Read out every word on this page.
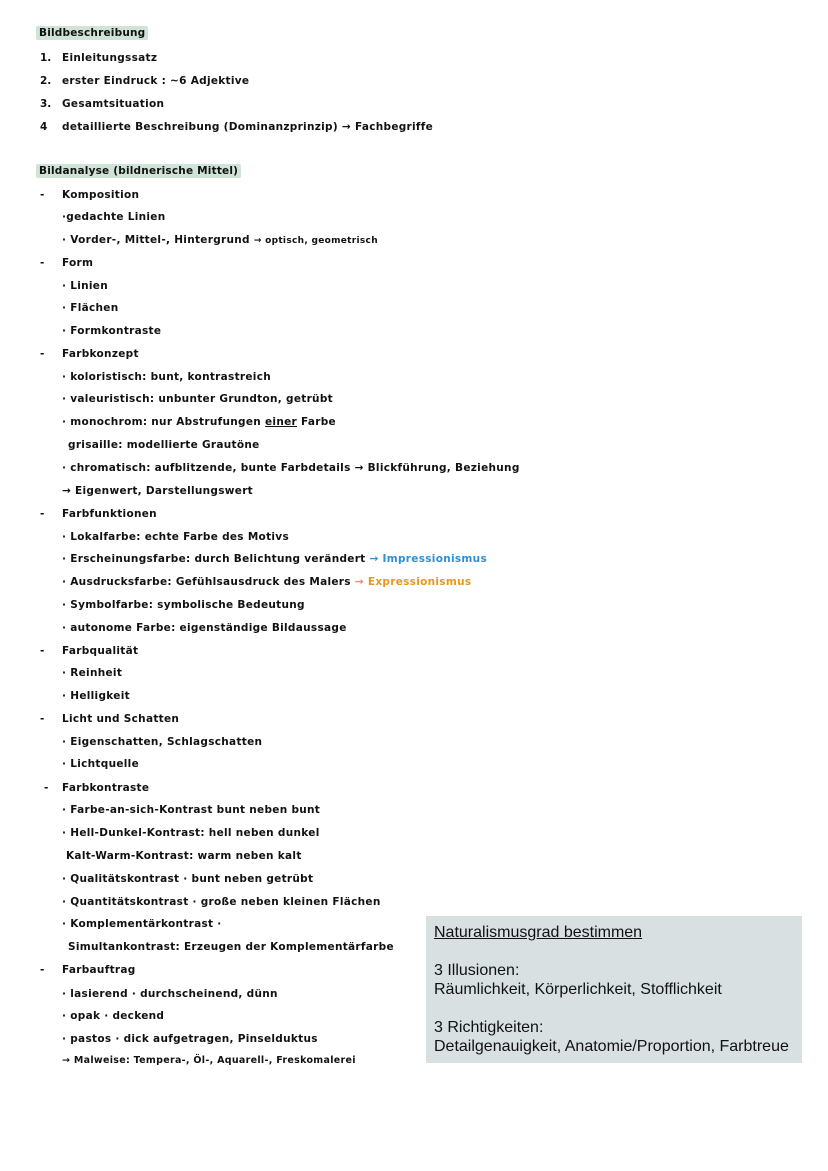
Bildbeschreibung
1. Einleitungssatz
2. erster Eindruck : ~6 Adjektive
3. Gesamtsituation
4 detaillierte Beschreibung (Dominanzprinzip) → Fachbegriffe
Bildanalyse (bildnerische Mittel)
- Komposition
·gedachte Linien
· Vorder-, Mittel-, Hintergrund → optisch, geometrisch
- Form
· Linien
· Flächen
· Formkontraste
- Farbkonzept
· koloristisch: bunt, kontrastreich
· valeuristisch: unbunter Grundton, getrübt
· monochrom: nur Abstrufungen einer Farbe
grisaille: modellierte Grautöne
· chromatisch: aufblitzende, bunte Farbdetails → Blickführung, Beziehung
→ Eigenwert, Darstellungswert
- Farbfunktionen
· Lokalfarbe: echte Farbe des Motivs
· Erscheinungsfarbe: durch Belichtung verändert → Impressionismus
· Ausdrucksfarbe: Gefühlsausdruck des Malers → Expressionismus
· Symbolfarbe: symbolische Bedeutung
· autonome Farbe: eigenständige Bildaussage
- Farbqualität
· Reinheit
· Helligkeit
- Licht und Schatten
· Eigenschatten, Schlagschatten
· Lichtquelle
- Farbkontraste
· Farbe-an-sich-Kontrast bunt neben bunt
· Hell-Dunkel-Kontrast: hell neben dunkel
Kalt-Warm-Kontrast: warm neben kalt
· Qualitätskontrast · bunt neben getrübt
· Quantitätskontrast · große neben kleinen Flächen
· Komplementärkontrast ·
Simultankontrast: Erzeugen der Komplementärfarbe
- Farbauftrag
· lasierend · durchscheinend, dünn
· opak · deckend
· pastos · dick aufgetragen, Pinselduktus
→ Malweise: Tempera-, Öl-, Aquarell-, Freskomalerei
Naturalismusgrad bestimmen
3 Illusionen:
Räumlichkeit, Körperlichkeit, Stofflichkeit
3 Richtigkeiten:
Detailgenauigkeit, Anatomie/Proportion, Farbtreue
